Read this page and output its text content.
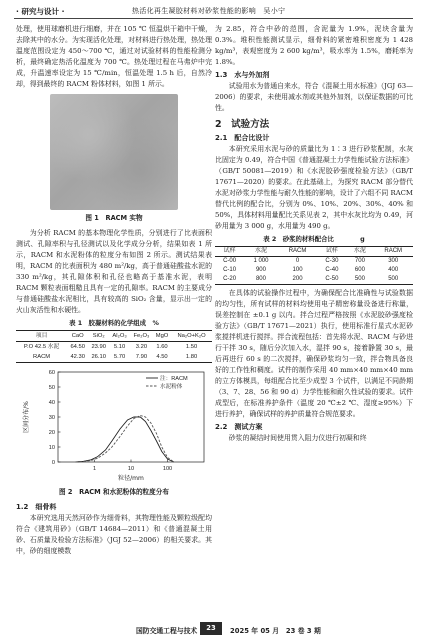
· 研究与设计 ·	热活化再生凝胶材料对砂浆性能的影响　吴小宁

处理，使用球磨机进行细磨，并在 105 ℃ 恒温烘干箱中干燥，去除其中的水分。为实现活化处理，对材料进行热处理，热处理温度范围设定为 450～700 ℃，通过对试验材料的性能检测分析，最终确定热活化温度为 700 ℃。热处理过程在马弗炉中完成，升温速率设定为 15 ℃/min，恒温处理 1.5 h 后，自然冷却，得到最终的 RACM 粉体材料，如图 1 所示。

图 1　RACM 实物

为分析 RACM 的基本物理化学性质，分别进行了比表面积测试、孔隙率积与孔径测试以及化学成分分析，结果如表 1 所示，RACM 和水泥粉体的粒度分布如图 2 所示。测试结果表明，RACM 的比表面积为 480 m²/kg，高于普通硅酸盐水泥的 330 m²/kg，其孔隙体积和孔径也略高于基准水泥，表明 RACM 颗粒表面粗糙且具有一定的孔隙率。RACM 的主要成分与普通硅酸盐水泥相比，具有较高的 SiO₂ 含量，显示出一定的火山灰活性和水硬性。

表 1　胶凝材料的化学组成　%
项目	CaO	SiO₂	Al₂O₃	Fe₂O₃	MgO	Na₂O+K₂O
P.O 42.5 水泥	64.50	23.90	5.10	3.20	1.60	1.50
RACM	42.30	26.10	5.70	7.90	4.50	1.80
0
10
20
30
40
50
60
1	10	100
粒径/mm
区间分布/%
注：RACM
水泥粉体
图 2　RACM 和水泥粉体的粒度分布
1.2　细骨料

本研究选用天然河砂作为细骨料，其物理性能及颗粒级配均符合《建筑用砂》（GB/T 14684—2011）和《普通混凝土用砂、石质量及检验方法标准》（JGJ 52—2006）的相关要求。其中，砂的细度模数

为 2.85，符合中砂的范围，含泥量为 1.9%，泥块含量为 0.3%。堆积性能测试显示，细骨料的紧密堆积密度为 1 428 kg/m³，表观密度为 2 600 kg/m³，吸水率为 1.5%，磨耗率为 1.8%。

1.3　水与外加剂

试验用水为普通自来水，符合《混凝土用水标准》（JGJ 63—2006）的要求，未使用减水剂或其他外加剂，以保证数据的可比性。

2　试验方法
2.1　配合比设计

本研究采用水泥与砂的质量比为 1∶3 进行砂浆配制，水灰比固定为 0.49，符合中国《普通混凝土力学性能试验方法标准》（GB/T 50081—2019）和《水泥胶砂强度检验方法》（GB/T 17671—2020）的要求。在此基础上，为探究 RACM 部分替代水泥对砂浆力学性能与耐久性能的影响，设计了六组不同 RACM 替代比例的配合比，分别为 0%、10%、20%、30%、40% 和 50%，具体材料用量配比关系见表 2，其中水灰比均为 0.49，河砂用量为 3 000 g，水用量为 490 g。

表 2　砂浆的材料配合比	g
试样	水泥	RACM	试样	水泥	RACM
C-00	1 000	0	C-30	700	300
C-10	900	100	C-40	600	400
C-20	800	200	C-50	500	500

在具体的试验操作过程中，为确保配合比准确性与试验数据的均匀性，所有试样的材料均使用电子精密称量设备进行称量，误差控制在 ±0.1 g 以内。拌合过程严格按照《水泥胶砂强度检验方法》（GB/T 17671—2021）执行，使用标准行星式水泥砂浆搅拌机进行搅拌。拌合流程包括：首先将水泥、RACM 与砂进行干拌 30 s，随后分次加入水，湿拌 90 s，接着静置 30 s，最后再进行 60 s 的二次搅拌，确保砂浆均匀一致，拌合物具备良好的工作性和稠度。试件的制作采用 40 mm×40 mm×40 mm 的立方体模具，每组配合比至少成型 3 个试件，以满足不同龄期（3、7、28、56 和 90 d）力学性能和耐久性试验的要求。试件成型后，在标准养护条件（温度 20 ℃±2 ℃、湿度≥95%）下进行养护，确保试样的养护质量符合规范要求。

2.2　测试方案

砂浆的凝结时间使用贯入阻力仪进行初凝和终

国防交通工程与技术	23	2025 年 05 月　23 卷 3 期
